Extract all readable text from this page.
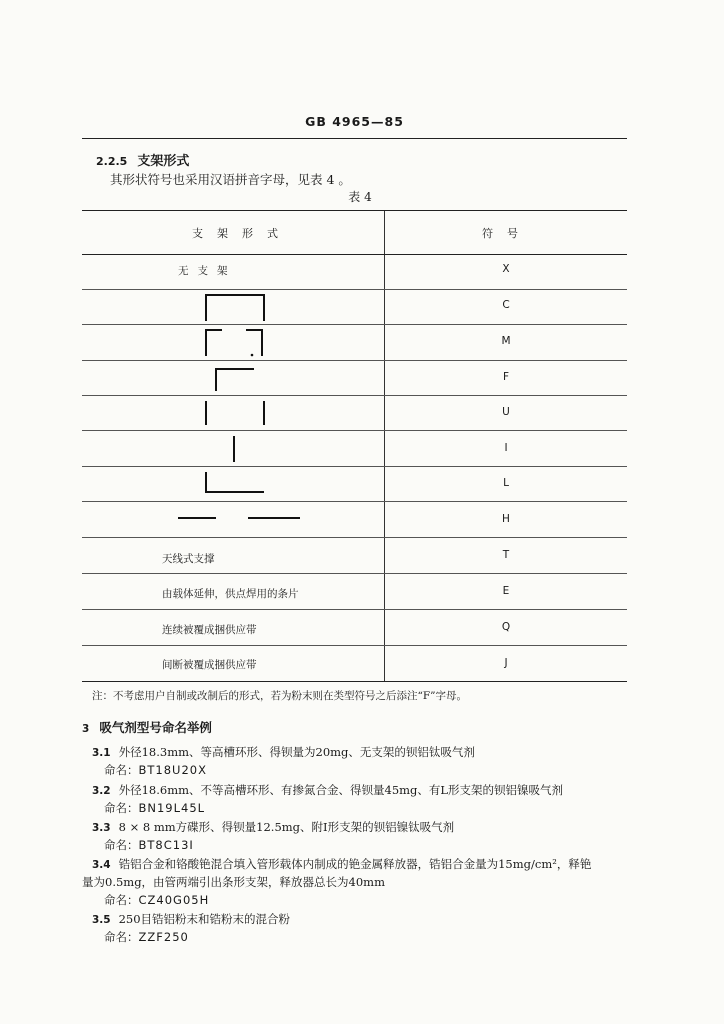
GB 4965—85
2.2.5 支架形式
其形状符号也采用汉语拼音字母，见表 4 。
表 4
支架形式	符号
无支架
天线式支撑
由载体延伸，供点焊用的条片
连续被覆成捆供应带
间断被覆成捆供应带
X
C
M
F
U
I
L
H
T
E
Q
J
注：不考虑用户自制或改制后的形式，若为粉末则在类型符号之后添注“F”字母。
3 吸气剂型号命名举例
3.1 外径18.3mm、等高槽环形、得钡量为20mg、无支架的钡铝钛吸气剂
命名：BT18U20X
3.2 外径18.6mm、不等高槽环形、有掺氮合金、得钡量45mg、有L形支架的钡铝镍吸气剂
命名：BN19L45L
3.3 8 × 8 mm方碟形、得钡量12.5mg、附I形支架的钡铝镍钛吸气剂
命名：BT8C13I
3.4 锆铝合金和铬酸铯混合填入管形载体内制成的铯金属释放器，锆铝合金量为15mg/cm²，释铯
量为0.5mg，由管两端引出条形支架，释放器总长为40mm
命名：CZ40G05H
3.5 250目锆铝粉末和锆粉末的混合粉
命名：ZZF250
